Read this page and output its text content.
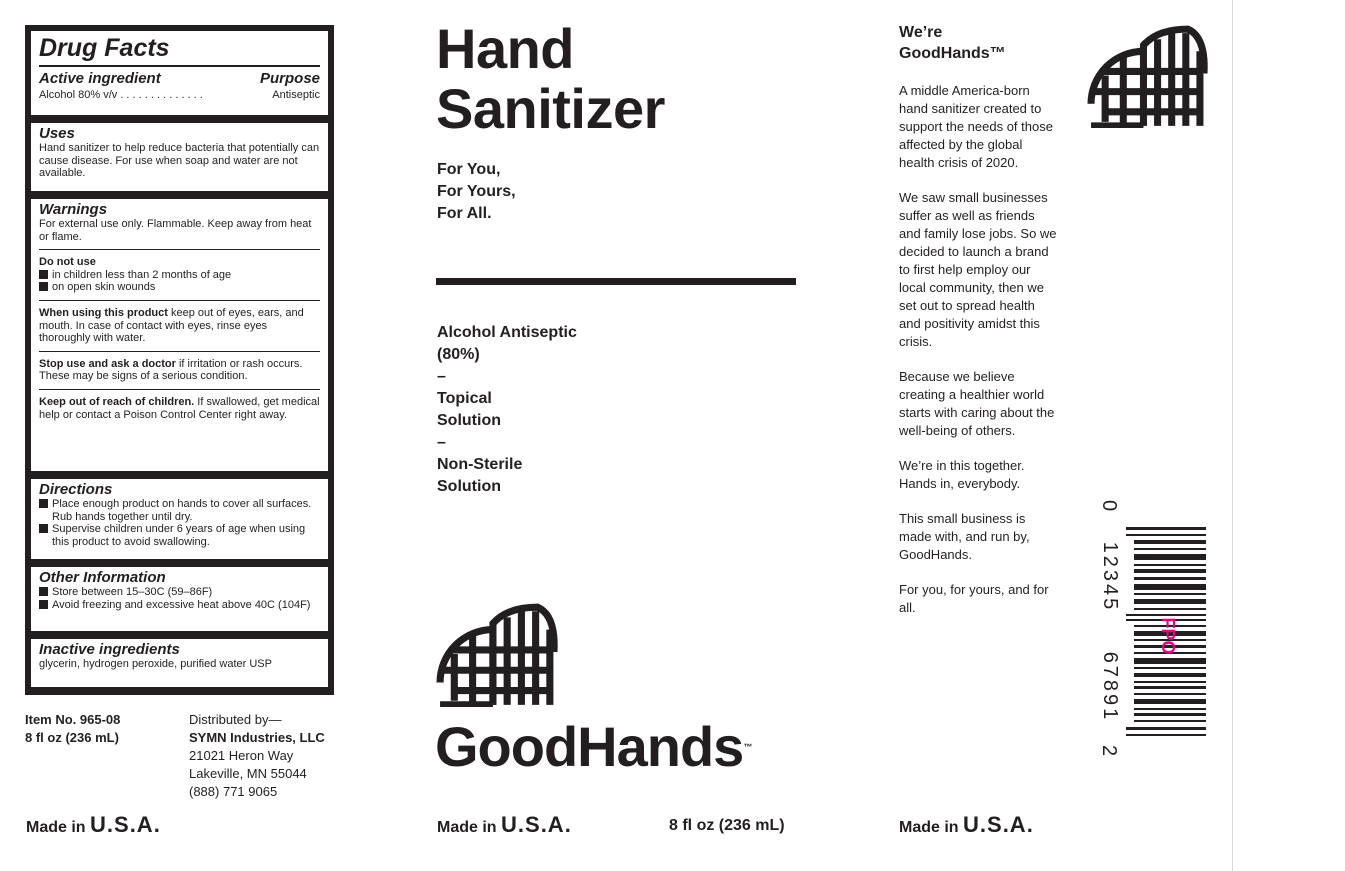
Drug Facts
Active ingredient	Purpose
Alcohol 80% v/v . . . . . . . . . . . . . .	Antiseptic
Uses
Hand sanitizer to help reduce bacteria that potentially can cause disease. For use when soap and water are not available.
Warnings
For external use only. Flammable. Keep away from heat or flame.
Do not use
in children less than 2 months of age
on open skin wounds
When using this product keep out of eyes, ears, and mouth. In case of contact with eyes, rinse eyes thoroughly with water.
Stop use and ask a doctor if irritation or rash occurs. These may be signs of a serious condition.
Keep out of reach of children. If swallowed, get medical help or contact a Poison Control Center right away.
Directions
Place enough product on hands to cover all surfaces. Rub hands together until dry.
Supervise children under 6 years of age when using this product to avoid swallowing.
Other Information
Store between 15–30C (59–86F)
Avoid freezing and excessive heat above 40C (104F)
Inactive ingredients
glycerin, hydrogen peroxide, purified water USP
Item No. 965-08
8 fl oz (236 mL)
Distributed by—
SYMN Industries, LLC
21021 Heron Way
Lakeville, MN 55044
(888) 771 9065
Made in U.S.A.
Hand
Sanitizer
For You,
For Yours,
For All.
Alcohol Antiseptic
(80%)
–
Topical
Solution
–
Non-Sterile
Solution
GoodHands™
Made in U.S.A.	8 fl oz (236 mL)
We’re
GoodHands™

A middle America-born hand sanitizer created to support the needs of those affected by the global health crisis of 2020.

We saw small businesses suffer as well as friends and family lose jobs. So we decided to launch a brand to first help employ our local community, then we set out to spread health and positivity amidst this crisis.

Because we believe creating a healthier world starts with caring about the well-being of others.

We’re in this together. Hands in, everybody.

This small business is made with, and run by, GoodHands.

For you, for yours, and for all.

Made in U.S.A.
0
12345
67891
2
FPO
